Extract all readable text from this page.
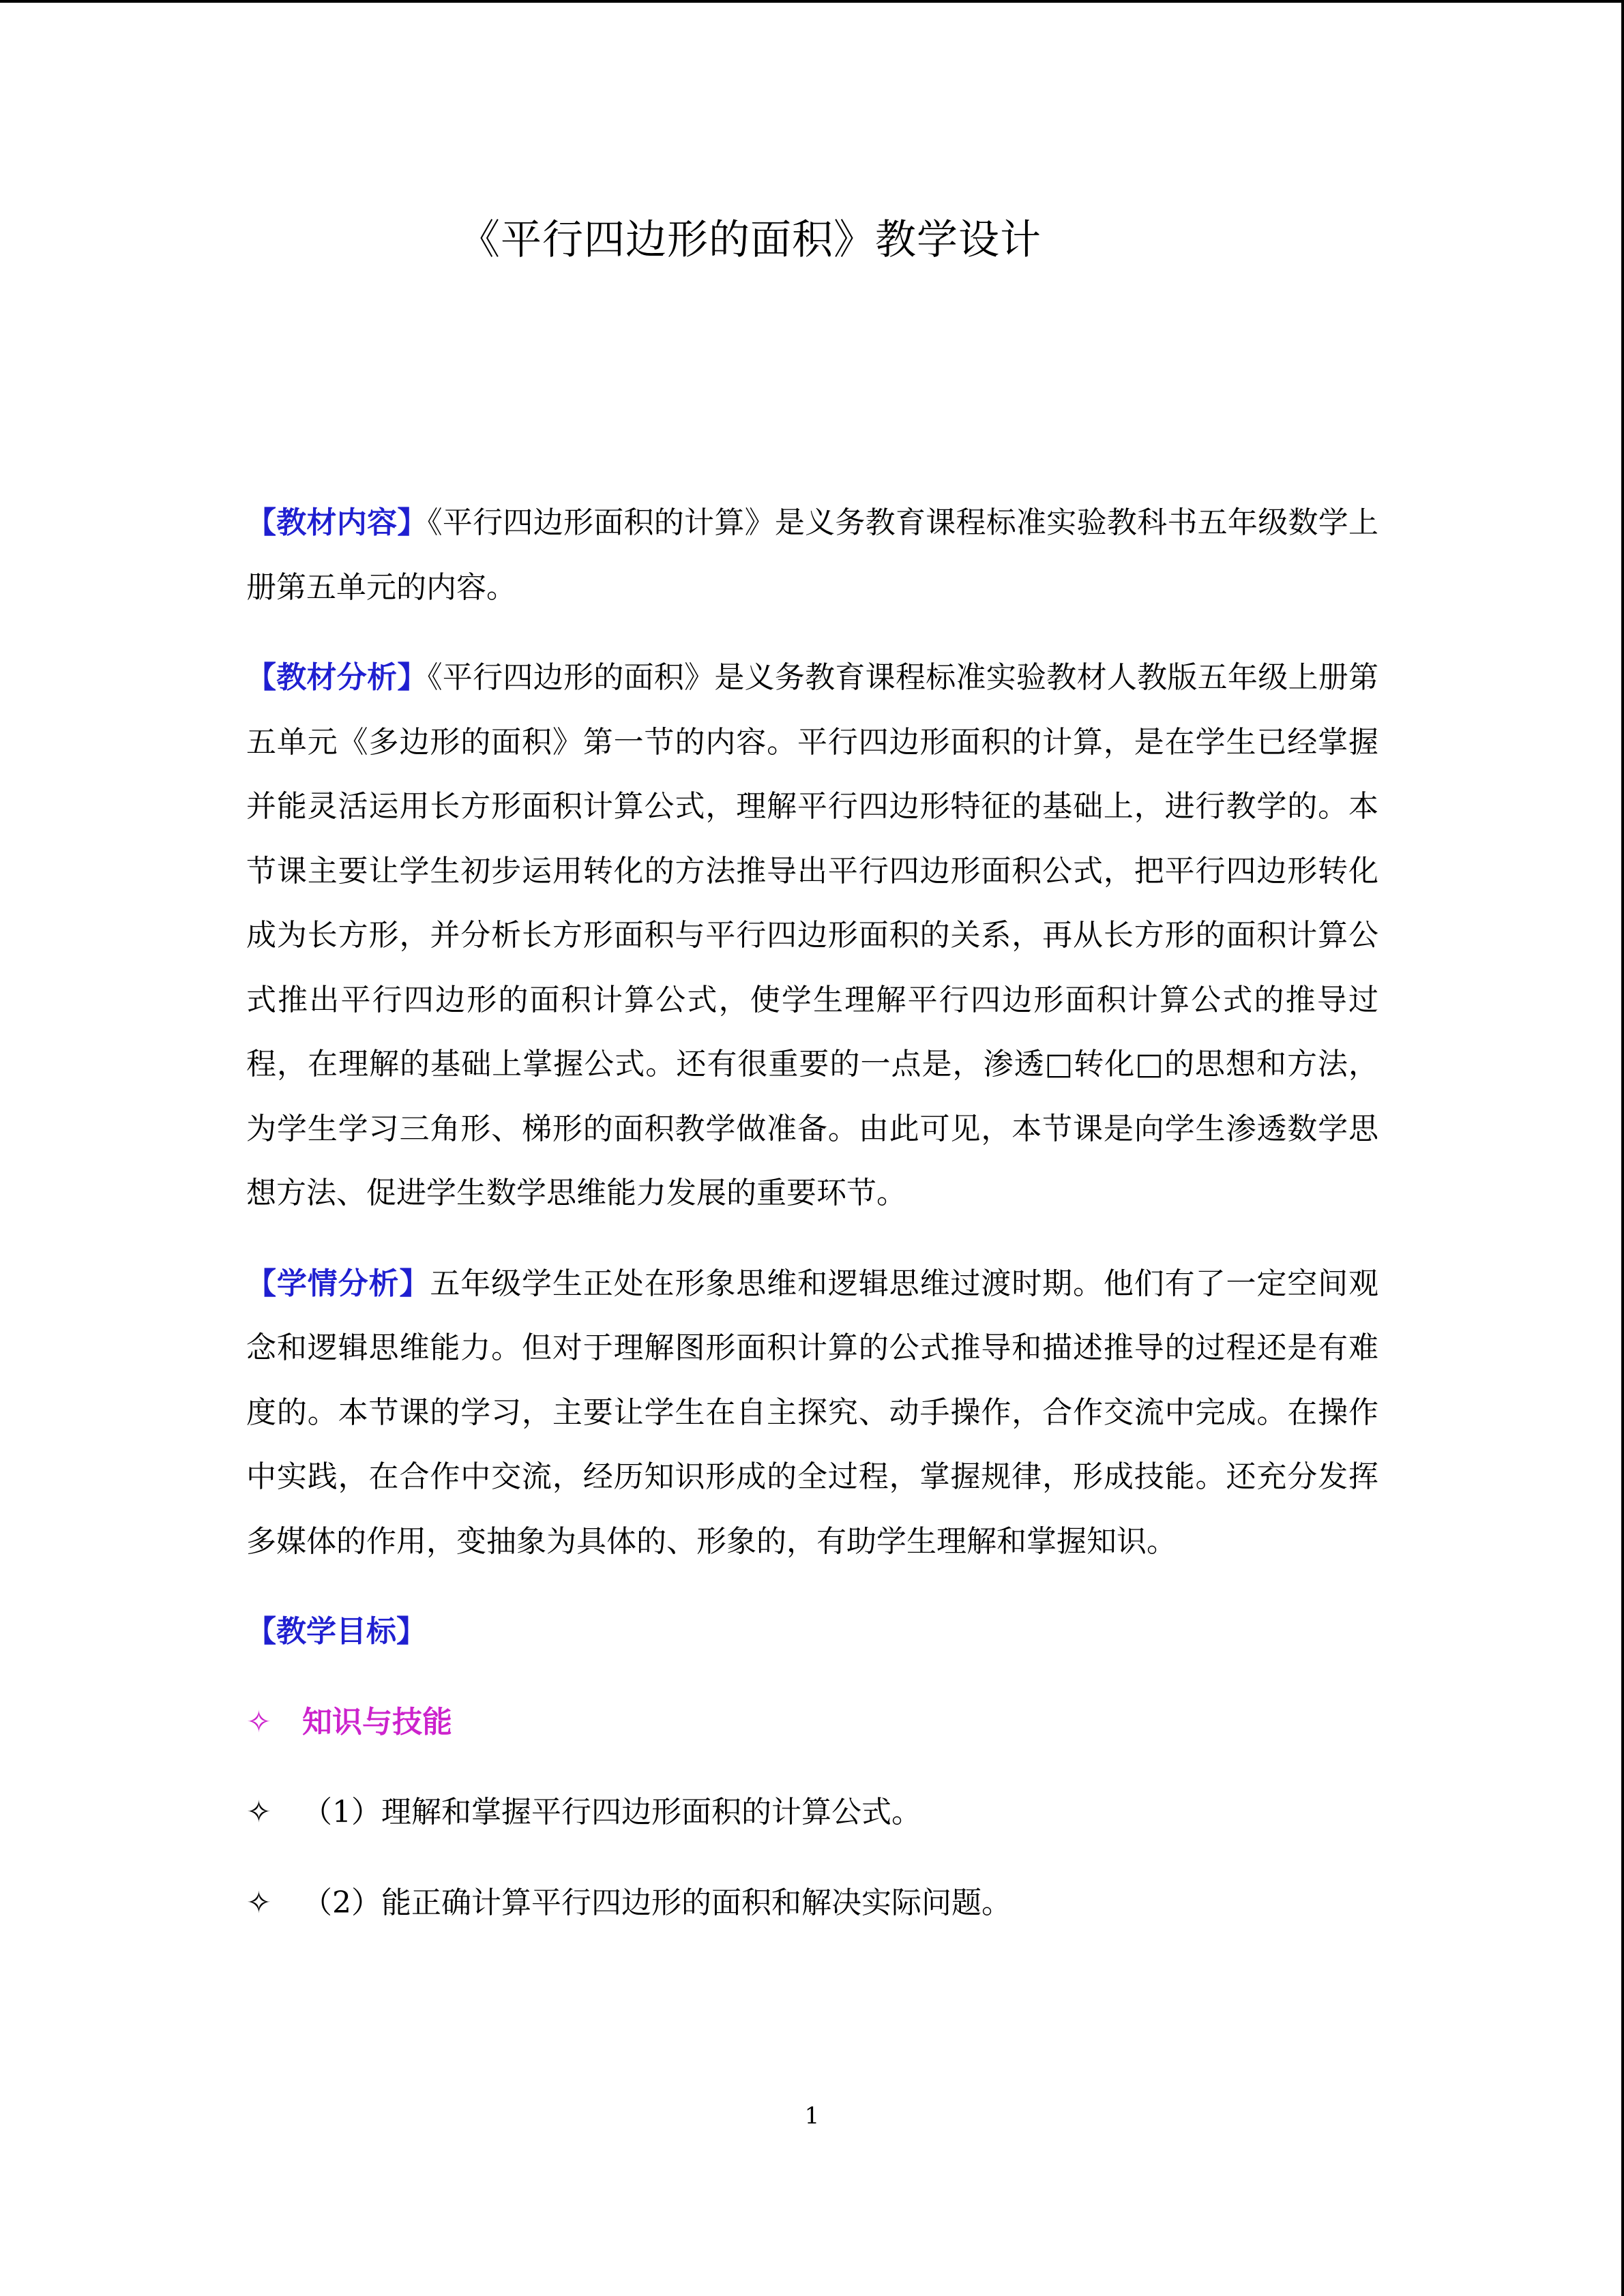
《平行四边形的面积》教学设计

【教材内容】《平行四边形面积的计算》是义务教育课程标准实验教科书五年级数学上册第五单元的内容。

【教材分析】《平行四边形的面积》是义务教育课程标准实验教材人教版五年级上册第五单元《多边形的面积》第一节的内容。平行四边形面积的计算，是在学生已经掌握并能灵活运用长方形面积计算公式，理解平行四边形特征的基础上，进行教学的。本节课主要让学生初步运用转化的方法推导出平行四边形面积公式，把平行四边形转化成为长方形，并分析长方形面积与平行四边形面积的关系，再从长方形的面积计算公式推出平行四边形的面积计算公式，使学生理解平行四边形面积计算公式的推导过程，在理解的基础上掌握公式。还有很重要的一点是，渗透□转化□的思想和方法，为学生学习三角形、梯形的面积教学做准备。由此可见，本节课是向学生渗透数学思想方法、促进学生数学思维能力发展的重要环节。

【学情分析】五年级学生正处在形象思维和逻辑思维过渡时期。他们有了一定空间观念和逻辑思维能力。但对于理解图形面积计算的公式推导和描述推导的过程还是有难度的。本节课的学习，主要让学生在自主探究、动手操作，合作交流中完成。在操作中实践，在合作中交流，经历知识形成的全过程，掌握规律，形成技能。还充分发挥多媒体的作用，变抽象为具体的、形象的，有助学生理解和掌握知识。

【教学目标】
✧	知识与技能
✧	（1）理解和掌握平行四边形面积的计算公式。
✧	（2）能正确计算平行四边形的面积和解决实际问题。
1
